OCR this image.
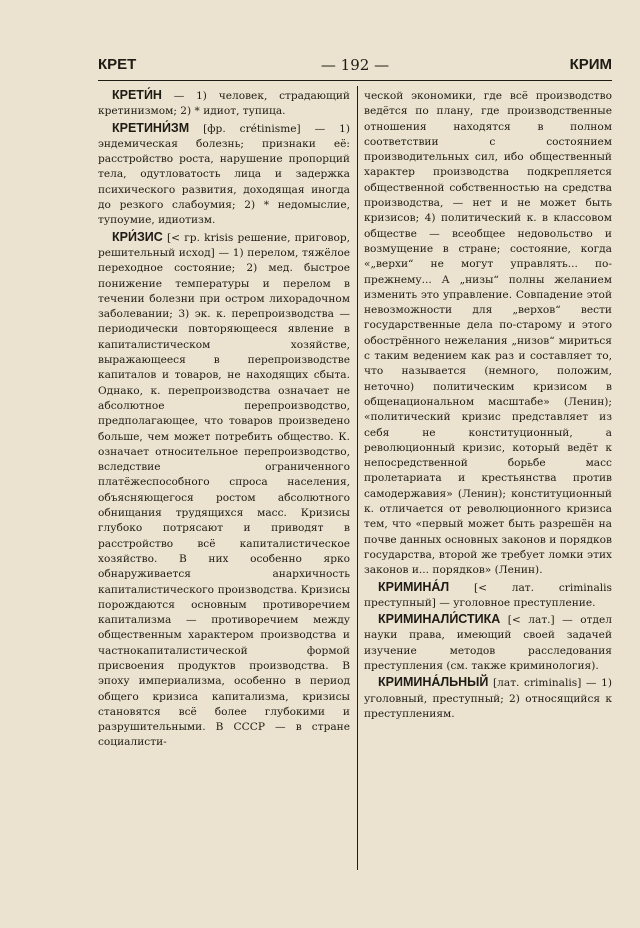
КРЕТ	— 192 —	КРИМ

КРЕТИ́Н — 1) человек, страдающий кретинизмом; 2) * идиот, тупица.

КРЕТИНИ́ЗМ [фр. crétinisme] — 1) эндемическая болезнь; признаки её: расстройство роста, нарушение пропорций тела, одутловатость лица и задержка психического развития, доходящая иногда до резкого слабоумия; 2) * недомыслие, тупоумие, идиотизм.

КРИ́ЗИС [< гр. krisis решение, приговор, решительный исход] — 1) перелом, тяжёлое переходное состояние; 2) мед. быстрое понижение температуры и перелом в течении болезни при остром лихорадочном заболевании; 3) эк. к. перепроизводства — периодически повторяющееся явление в капиталистическом хозяйстве, выражающееся в перепроизводстве капиталов и товаров, не находящих сбыта. Однако, к. перепроизводства означает не абсолютное перепроизводство, предполагающее, что товаров произведено больше, чем может потребить общество. К. означает относительное перепроизводство, вследствие ограниченного платёжеспособного спроса населения, объясняющегося ростом абсолютного обнищания трудящихся масс. Кризисы глубоко потрясают и приводят в расстройство всё капиталистическое хозяйство. В них особенно ярко обнаруживается анархичность капиталистического производства. Кризисы порождаются основным противоречием капитализма — противоречием между общественным характером производства и частнокапиталистической формой присвоения продуктов производства. В эпоху империализма, особенно в период общего кризиса капитализма, кризисы становятся всё более глубокими и разрушительными. В СССР — в стране социалисти-

ческой экономики, где всё производство ведётся по плану, где производственные отношения находятся в полном соответствии с состоянием производительных сил, ибо общественный характер производства подкрепляется общественной собственностью на средства производства, — нет и не может быть кризисов; 4) политический к. в классовом обществе — всеобщее недовольство и возмущение в стране; состояние, когда «„верхи“ не могут управлять... по-прежнему... А „низы“ полны желанием изменить это управление. Совпадение этой невозможности для „верхов“ вести государственные дела по-старому и этого обострённого нежелания „низов“ мириться с таким ведением как раз и составляет то, что называется (немного, положим, неточно) политическим кризисом в общенациональном масштабе» (Ленин); «политический кризис представляет из себя не конституционный, а революционный кризис, который ведёт к непосредственной борьбе масс пролетариата и крестьянства против самодержавия» (Ленин); конституционный к. отличается от революционного кризиса тем, что «первый может быть разрешён на почве данных основных законов и порядков государства, второй же требует ломки этих законов и... порядков» (Ленин).

КРИМИНА́Л [< лат. criminalis преступный] — уголовное преступление.

КРИМИНАЛИ́СТИКА [< лат.] — отдел науки права, имеющий своей задачей изучение методов расследования преступления (см. также криминология).

КРИМИНА́ЛЬНЫЙ [лат. criminalis] — 1) уголовный, преступный; 2) относящийся к преступлениям.
